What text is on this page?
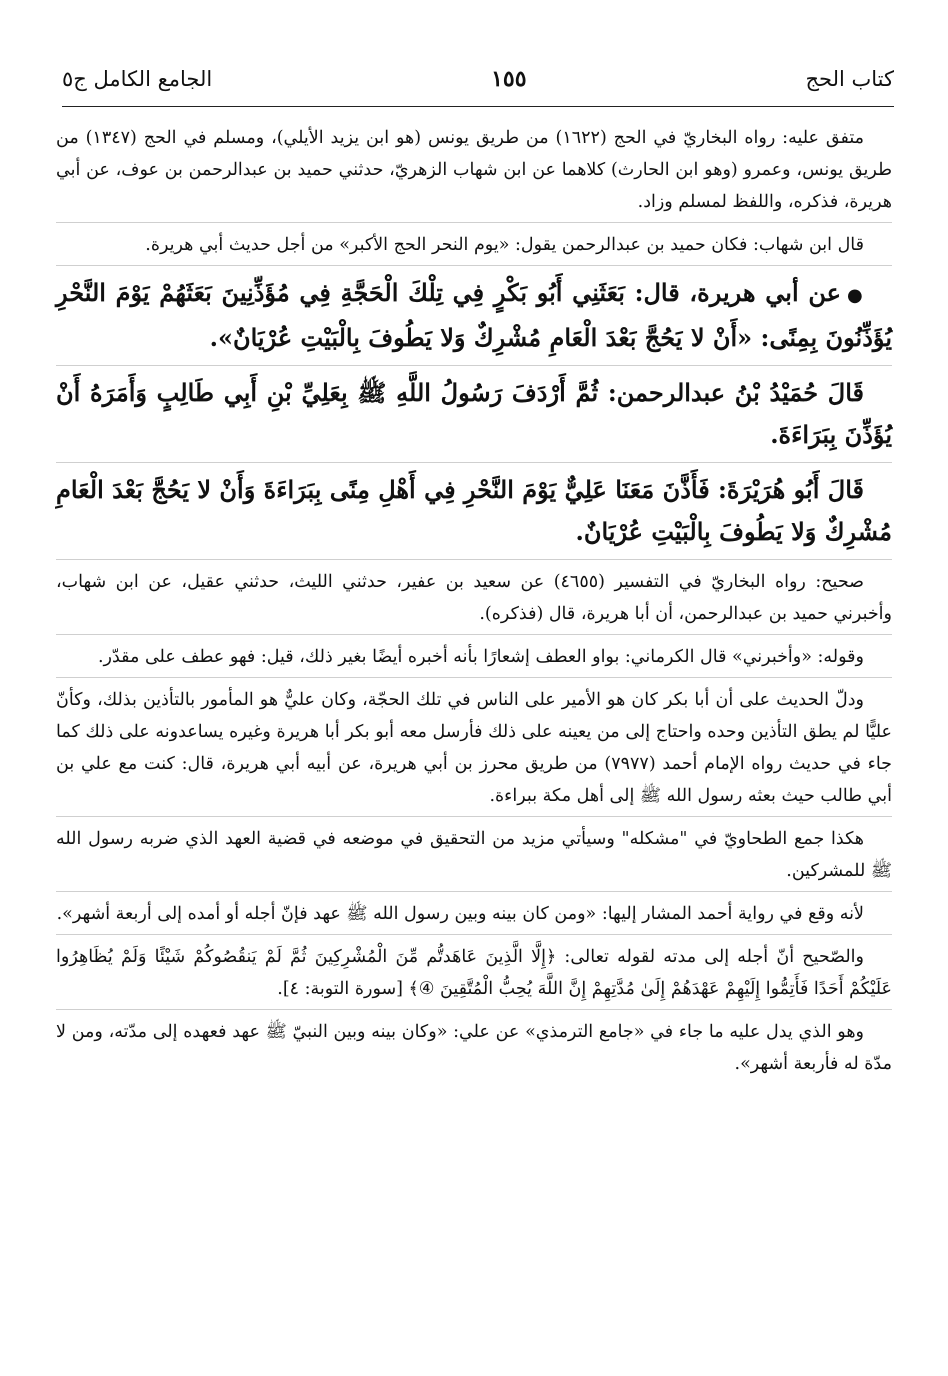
كتاب الحج
١٥٥
الجامع الكامل ج٥

متفق عليه: رواه البخاريّ في الحج (١٦٢٢) من طريق يونس (هو ابن يزيد الأيلي)، ومسلم في الحج (١٣٤٧) من طريق يونس، وعمرو (وهو ابن الحارث) كلاهما عن ابن شهاب الزهريّ، حدثني حميد بن عبدالرحمن بن عوف، عن أبي هريرة، فذكره، واللفظ لمسلم وزاد.

قال ابن شهاب: فكان حميد بن عبدالرحمن يقول: «يوم النحر الحج الأكبر» من أجل حديث أبي هريرة.

●عن أبي هريرة، قال: بَعَثَنِي أَبُو بَكْرٍ فِي تِلْكَ الْحَجَّةِ فِي مُؤَذِّنِينَ بَعَثَهُمْ يَوْمَ النَّحْرِ يُؤَذِّنُونَ بِمِنًى: «أَنْ لا يَحُجَّ بَعْدَ الْعَامِ مُشْرِكٌ وَلا يَطُوفَ بِالْبَيْتِ عُرْيَانٌ».

قَالَ حُمَيْدُ بْنُ عبدالرحمن: ثُمَّ أَرْدَفَ رَسُولُ اللَّهِ ﷺ بِعَلِيِّ بْنِ أَبِي طَالِبٍ وَأَمَرَهُ أَنْ يُؤَذِّنَ بِبَرَاءَةَ.

قَالَ أَبُو هُرَيْرَةَ: فَأَذَّنَ مَعَنَا عَلِيٌّ يَوْمَ النَّحْرِ فِي أَهْلِ مِنًى بِبَرَاءَةَ وَأَنْ لا يَحُجَّ بَعْدَ الْعَامِ مُشْرِكٌ وَلا يَطُوفَ بِالْبَيْتِ عُرْيَانٌ.

صحيح: رواه البخاريّ في التفسير (٤٦٥٥) عن سعيد بن عفير، حدثني الليث، حدثني عقيل، عن ابن شهاب، وأخبرني حميد بن عبدالرحمن، أن أبا هريرة، قال (فذكره).

وقوله: «وأخبرني» قال الكرماني: بواو العطف إشعارًا بأنه أخبره أيضًا بغير ذلك، قيل: فهو عطف على مقدّر.

ودلّ الحديث على أن أبا بكر كان هو الأمير على الناس في تلك الحجّة، وكان عليٌّ هو المأمور بالتأذين بذلك، وكأنّ عليًّا لم يطق التأذين وحده واحتاج إلى من يعينه على ذلك فأرسل معه أبو بكر أبا هريرة وغيره يساعدونه على ذلك كما جاء في حديث رواه الإمام أحمد (٧٩٧٧) من طريق محرز بن أبي هريرة، عن أبيه أبي هريرة، قال: كنت مع علي بن أبي طالب حيث بعثه رسول الله ﷺ إلى أهل مكة ببراءة.

هكذا جمع الطحاويّ في "مشكله" وسيأتي مزيد من التحقيق في موضعه في قضية العهد الذي ضربه رسول الله ﷺ للمشركين.

لأنه وقع في رواية أحمد المشار إليها: «ومن كان بينه وبين رسول الله ﷺ عهد فإنّ أجله أو أمده إلى أربعة أشهر».

والصّحيح أنّ أجله إلى مدته لقوله تعالى: ﴿إِلَّا الَّذِينَ عَاهَدتُّم مِّنَ الْمُشْرِكِينَ ثُمَّ لَمْ يَنقُصُوكُمْ شَيْئًا وَلَمْ يُظَاهِرُوا عَلَيْكُمْ أَحَدًا فَأَتِمُّوا إِلَيْهِمْ عَهْدَهُمْ إِلَىٰ مُدَّتِهِمْ إِنَّ اللَّهَ يُحِبُّ الْمُتَّقِينَ ④﴾ [سورة التوبة: ٤].

وهو الذي يدل عليه ما جاء في «جامع الترمذي» عن علي: «وكان بينه وبين النبيّ ﷺ عهد فعهده إلى مدّته، ومن لا مدّة له فأربعة أشهر».
